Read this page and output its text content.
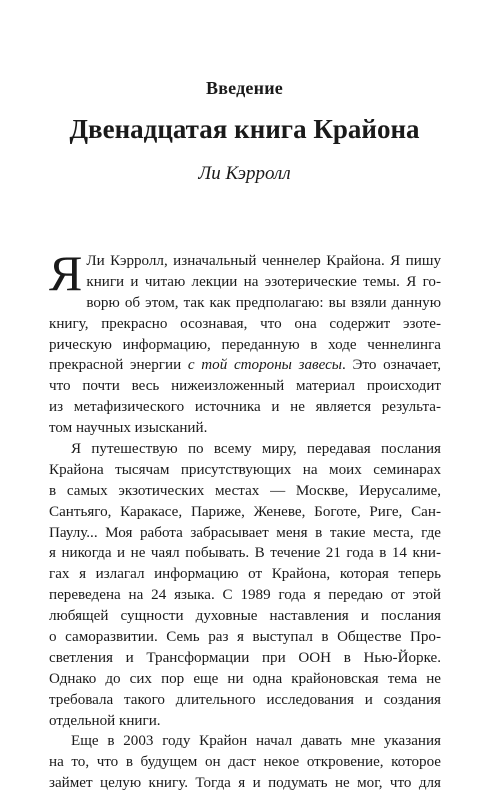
Введение
Двенадцатая книга Крайона
Ли Кэрролл
Я Ли Кэрролл, изначальный ченнелер Крайона. Я пишу
книги и читаю лекции на эзотерические темы. Я го-
ворю об этом, так как предполагаю: вы взяли данную
книгу, прекрасно осознавая, что она содержит эзоте-
рическую информацию, переданную в ходе ченнелинга
прекрасной энергии с той стороны завесы. Это означает,
что почти весь нижеизложенный материал происходит
из метафизического источника и не является результа-
том научных изысканий.
Я путешествую по всему миру, передавая послания
Крайона тысячам присутствующих на моих семинарах
в самых экзотических местах — Москве, Иерусалиме,
Сантьяго, Каракасе, Париже, Женеве, Боготе, Риге, Сан-
Паулу... Моя работа забрасывает меня в такие места, где
я никогда и не чаял побывать. В течение 21 года в 14 кни-
гах я излагал информацию от Крайона, которая теперь
переведена на 24 языка. С 1989 года я передаю от этой
любящей сущности духовные наставления и послания
о саморазвитии. Семь раз я выступал в Обществе Про-
светления и Трансформации при ООН в Нью-Йорке.
Однако до сих пор еще ни одна крайоновская тема не
требовала такого длительного исследования и создания
отдельной книги.
Еще в 2003 году Крайон начал давать мне указания
на то, что в будущем он даст некое откровение, которое
займет целую книгу. Тогда я и подумать не мог, что для
